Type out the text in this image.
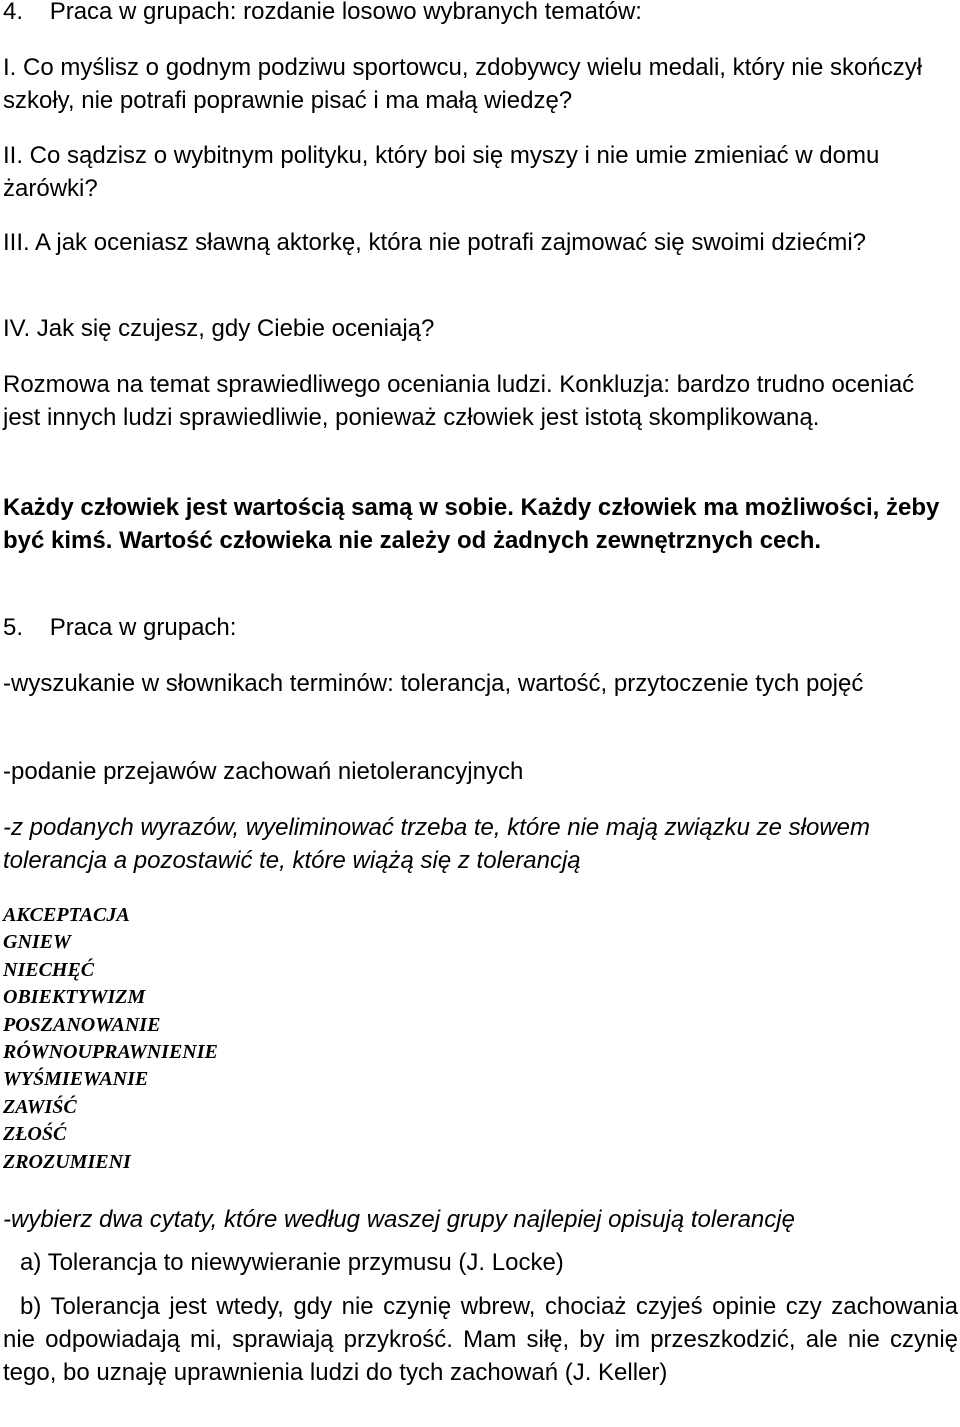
4.    Praca w grupach: rozdanie losowo wybranych tematów:

I. Co myślisz o godnym podziwu sportowcu, zdobywcy wielu medali, który nie skończył szkoły, nie potrafi poprawnie pisać i ma małą wiedzę?

II. Co sądzisz o wybitnym polityku, który boi się myszy i nie umie zmieniać w domu żarówki?

III. A jak oceniasz sławną aktorkę, która nie potrafi zajmować się swoimi dziećmi?

IV. Jak się czujesz, gdy Ciebie oceniają?

Rozmowa na temat sprawiedliwego oceniania ludzi. Konkluzja: bardzo trudno oceniać jest innych ludzi sprawiedliwie, ponieważ człowiek jest istotą skomplikowaną.

Każdy człowiek jest wartością samą w sobie. Każdy człowiek ma możliwości, żeby być kimś. Wartość człowieka nie zależy od żadnych zewnętrznych cech.

5.    Praca w grupach:

-wyszukanie w słownikach terminów: tolerancja, wartość, przytoczenie tych pojęć

-podanie przejawów zachowań nietolerancyjnych

-z podanych wyrazów, wyeliminować trzeba te, które nie mają związku ze słowem tolerancja a pozostawić te, które wiążą się z tolerancją

AKCEPTACJA
GNIEW
NIECHĘĆ
OBIEKTYWIZM
POSZANOWANIE
RÓWNOUPRAWNIENIE
WYŚMIEWANIE
ZAWIŚĆ
ZŁOŚĆ
ZROZUMIENI

-wybierz dwa cytaty, które według waszej grupy najlepiej opisują tolerancję

a) Tolerancja to niewywieranie przymusu (J. Locke)

b) Tolerancja jest wtedy, gdy nie czynię wbrew, chociaż czyjeś opinie czy zachowania nie odpowiadają mi, sprawiają przykrość. Mam siłę, by im przeszkodzić, ale nie czynię tego, bo uznaję uprawnienia ludzi do tych zachowań (J. Keller)
